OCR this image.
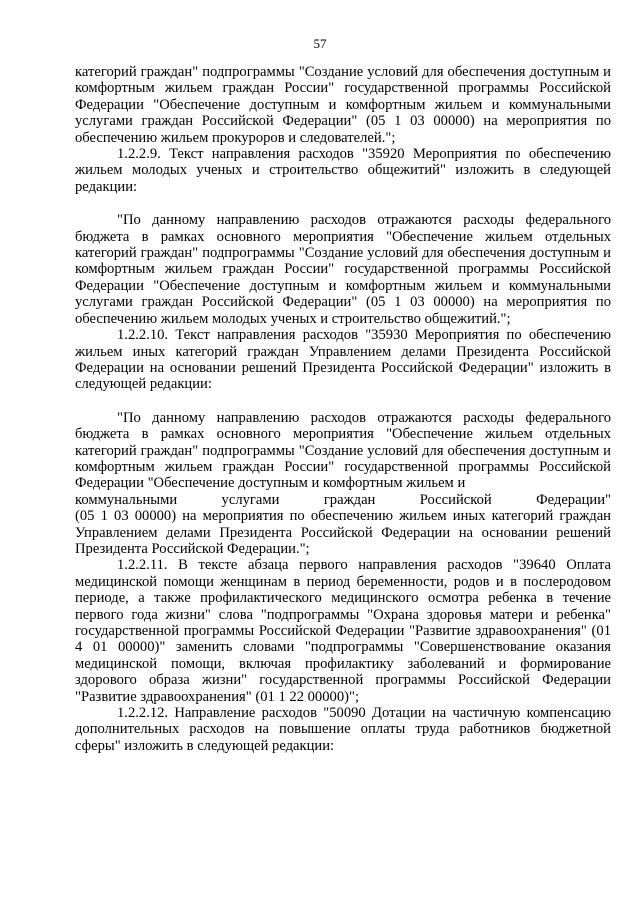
57

категорий граждан" подпрограммы "Создание условий для обеспечения доступным и комфортным жильем граждан России" государственной программы Российской Федерации "Обеспечение доступным и комфортным жильем и коммунальными услугами граждан Российской Федерации" (05 1 03 00000) на мероприятия по обеспечению жильем прокуроров и следователей.";

1.2.2.9. Текст направления расходов "35920 Мероприятия по обеспечению жильем молодых ученых и строительство общежитий" изложить в следующей редакции:

"По данному направлению расходов отражаются расходы федерального бюджета в рамках основного мероприятия "Обеспечение жильем отдельных категорий граждан" подпрограммы "Создание условий для обеспечения доступным и комфортным жильем граждан России" государственной программы Российской Федерации "Обеспечение доступным и комфортным жильем и коммунальными услугами граждан Российской Федерации" (05 1 03 00000) на мероприятия по обеспечению жильем молодых ученых и строительство общежитий.";

1.2.2.10. Текст направления расходов "35930 Мероприятия по обеспечению жильем иных категорий граждан Управлением делами Президента Российской Федерации на основании решений Президента Российской Федерации" изложить в следующей редакции:

"По данному направлению расходов отражаются расходы федерального бюджета в рамках основного мероприятия "Обеспечение жильем отдельных категорий граждан" подпрограммы "Создание условий для обеспечения доступным и комфортным жильем граждан России" государственной программы Российской Федерации "Обеспечение доступным и комфортным жильем и

коммунальными	услугами	граждан	Российской	Федерации"

(05 1 03 00000) на мероприятия по обеспечению жильем иных категорий граждан Управлением делами Президента Российской Федерации на основании решений Президента Российской Федерации.";

1.2.2.11. В тексте абзаца первого направления расходов "39640 Оплата медицинской помощи женщинам в период беременности, родов и в послеродовом периоде, а также профилактического медицинского осмотра ребенка в течение первого года жизни" слова "подпрограммы "Охрана здоровья матери и ребенка" государственной программы Российской Федерации "Развитие здравоохранения" (01 4 01 00000)" заменить словами "подпрограммы "Совершенствование оказания медицинской помощи, включая профилактику заболеваний и формирование здорового образа жизни" государственной программы Российской Федерации "Развитие здравоохранения" (01 1 22 00000)";

1.2.2.12. Направление расходов "50090 Дотации на частичную компенсацию дополнительных расходов на повышение оплаты труда работников бюджетной сферы" изложить в следующей редакции:
